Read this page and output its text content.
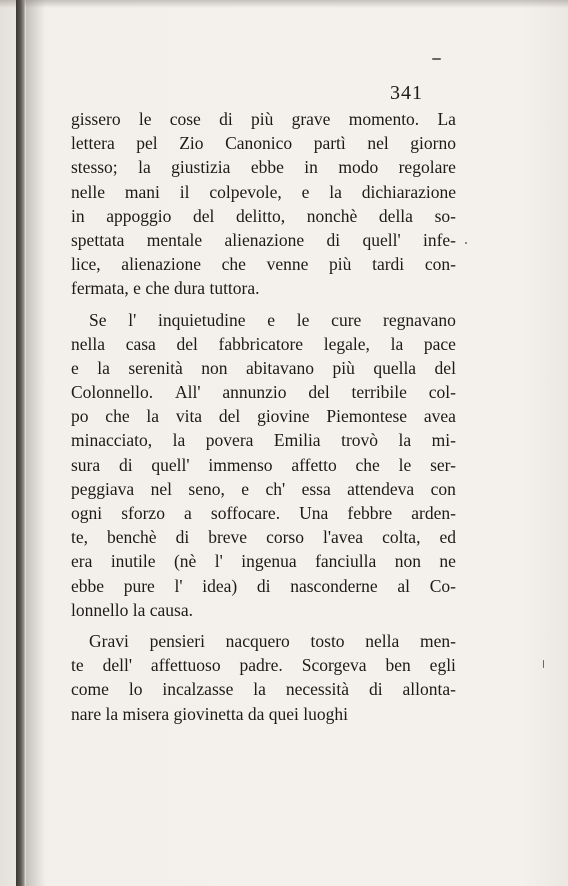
341
gissero le cose di più grave momento. La
lettera pel Zio Canonico partì nel giorno
stesso; la giustizia ebbe in modo regolare
nelle mani il colpevole, e la dichiarazione
in appoggio del delitto, nonchè della so-
spettata mentale alienazione di quell' infe-
lice, alienazione che venne più tardi con-
fermata, e che dura tuttora.
Se l' inquietudine e le cure regnavano
nella casa del fabbricatore legale, la pace
e la serenità non abitavano più quella del
Colonnello. All' annunzio del terribile col-
po che la vita del giovine Piemontese avea
minacciato, la povera Emilia trovò la mi-
sura di quell' immenso affetto che le ser-
peggiava nel seno, e ch' essa attendeva con
ogni sforzo a soffocare. Una febbre arden-
te, benchè di breve corso l'avea colta, ed
era inutile (nè l' ingenua fanciulla non ne
ebbe pure l' idea) di nasconderne al Co-
lonnello la causa.
Gravi pensieri nacquero tosto nella men-
te dell' affettuoso padre. Scorgeva ben egli
come lo incalzasse la necessità di allonta-
nare la misera giovinetta da quei luoghi
